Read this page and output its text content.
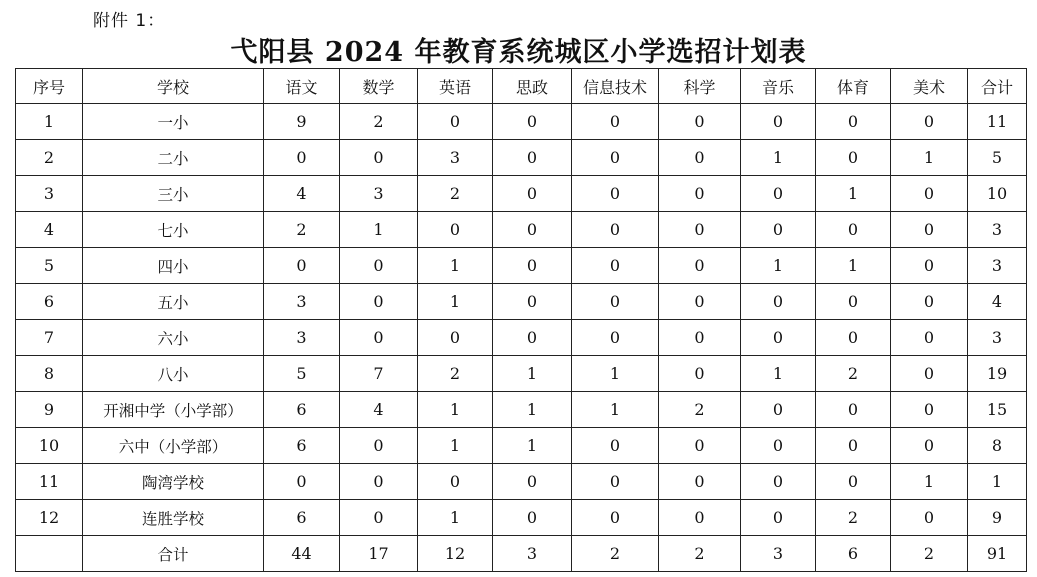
附件 1：
弋阳县 2024 年教育系统城区小学选招计划表
序号	学校	语文	数学	英语	思政	信息技术	科学	音乐	体育	美术	合计
1	一小	9	2	0	0	0	0	0	0	0	11
2	二小	0	0	3	0	0	0	1	0	1	5
3	三小	4	3	2	0	0	0	0	1	0	10
4	七小	2	1	0	0	0	0	0	0	0	3
5	四小	0	0	1	0	0	0	1	1	0	3
6	五小	3	0	1	0	0	0	0	0	0	4
7	六小	3	0	0	0	0	0	0	0	0	3
8	八小	5	7	2	1	1	0	1	2	0	19
9	开湘中学（小学部）	6	4	1	1	1	2	0	0	0	15
10	六中（小学部）	6	0	1	1	0	0	0	0	0	8
11	陶湾学校	0	0	0	0	0	0	0	0	1	1
12	连胜学校	6	0	1	0	0	0	0	2	0	9
	合计	44	17	12	3	2	2	3	6	2	91
